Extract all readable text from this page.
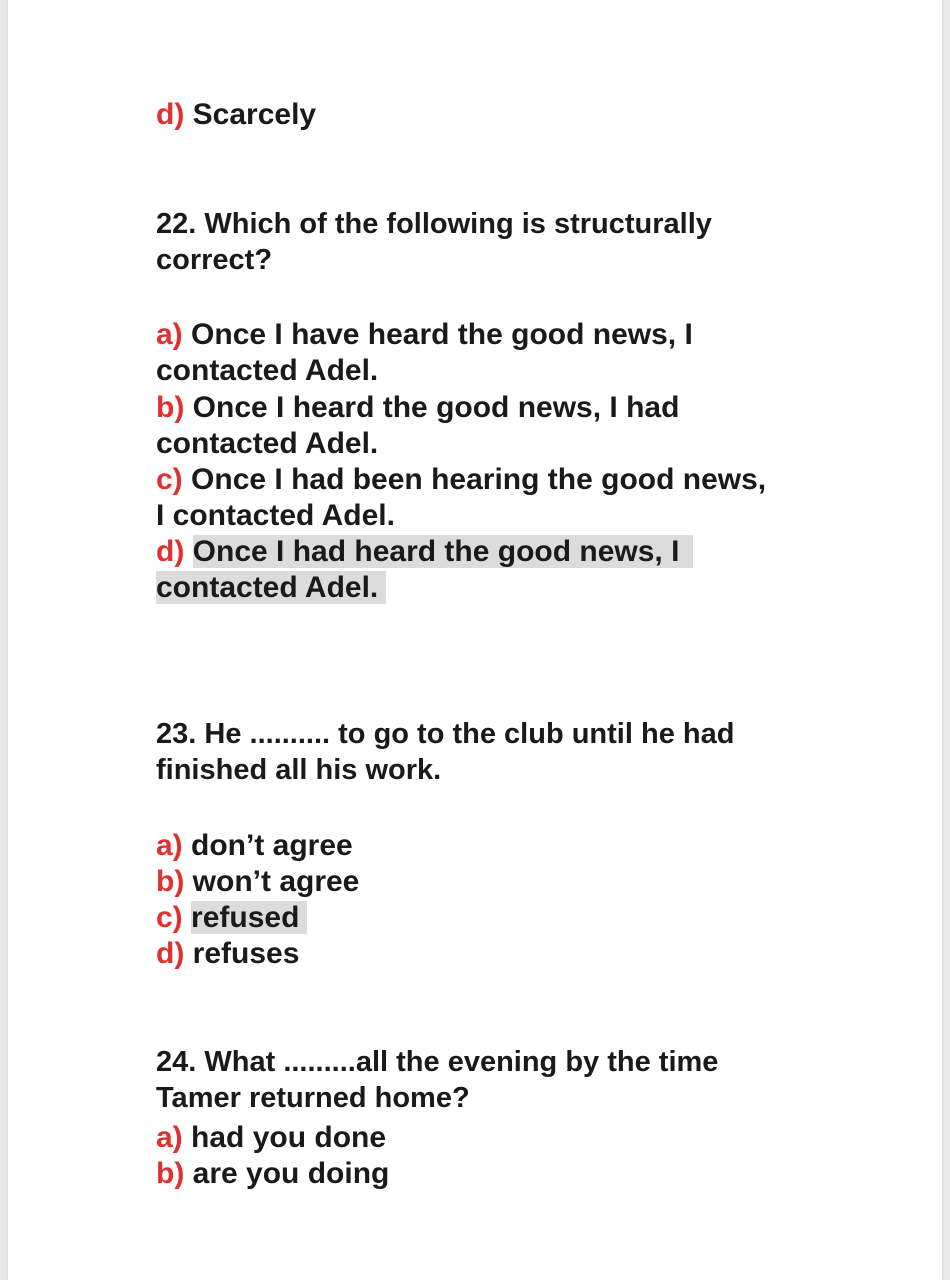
d) Scarcely
22. Which of the following is structurally
correct?
a) Once I have heard the good news, I
contacted Adel.
b) Once I heard the good news, I had
contacted Adel.
c) Once I had been hearing the good news,
I contacted Adel.
d) Once I had heard the good news, I
contacted Adel.
23. He .......... to go to the club until he had
finished all his work.
a) don’t agree
b) won’t agree
c) refused
d) refuses
24. What .........all the evening by the time
Tamer returned home?
a) had you done
b) are you doing
